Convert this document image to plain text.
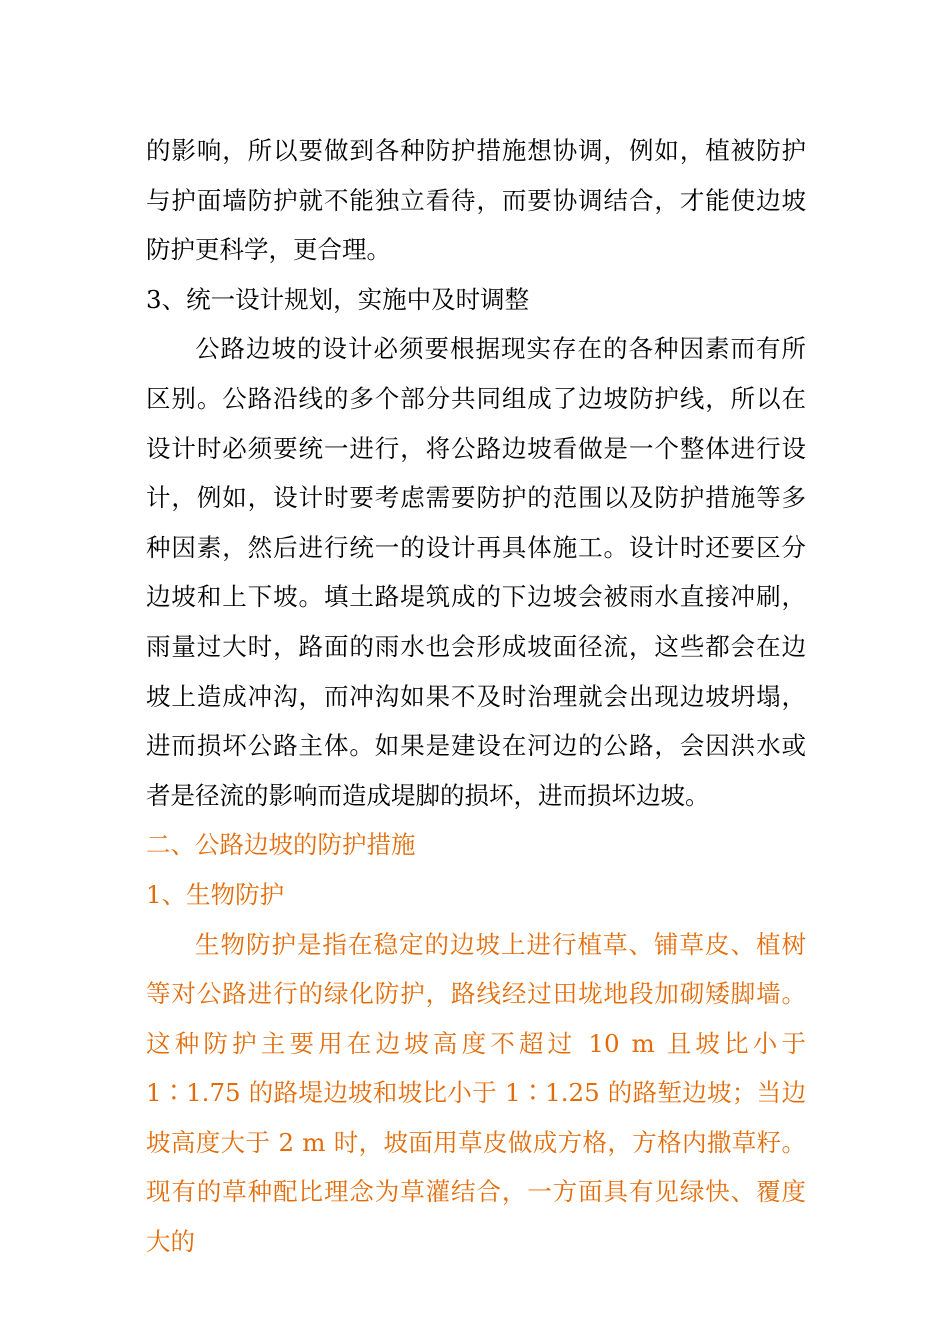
的影响，所以要做到各种防护措施想协调，例如，植被防护与护面墙防护就不能独立看待，而要协调结合，才能使边坡防护更科学，更合理。

3、统一设计规划，实施中及时调整

公路边坡的设计必须要根据现实存在的各种因素而有所区别。公路沿线的多个部分共同组成了边坡防护线，所以在设计时必须要统一进行，将公路边坡看做是一个整体进行设计，例如，设计时要考虑需要防护的范围以及防护措施等多种因素，然后进行统一的设计再具体施工。设计时还要区分边坡和上下坡。填土路堤筑成的下边坡会被雨水直接冲刷，雨量过大时，路面的雨水也会形成坡面径流，这些都会在边坡上造成冲沟，而冲沟如果不及时治理就会出现边坡坍塌，进而损坏公路主体。如果是建设在河边的公路，会因洪水或者是径流的影响而造成堤脚的损坏，进而损坏边坡。

二、公路边坡的防护措施

1、生物防护

生物防护是指在稳定的边坡上进行植草、铺草皮、植树等对公路进行的绿化防护，路线经过田垅地段加砌矮脚墙。这种防护主要用在边坡高度不超过 10 m 且坡比小于 1∶1.75 的路堤边坡和坡比小于 1∶1.25 的路堑边坡；当边坡高度大于 2 m 时，坡面用草皮做成方格，方格内撒草籽。现有的草种配比理念为草灌结合，一方面具有见绿快、覆度大的
